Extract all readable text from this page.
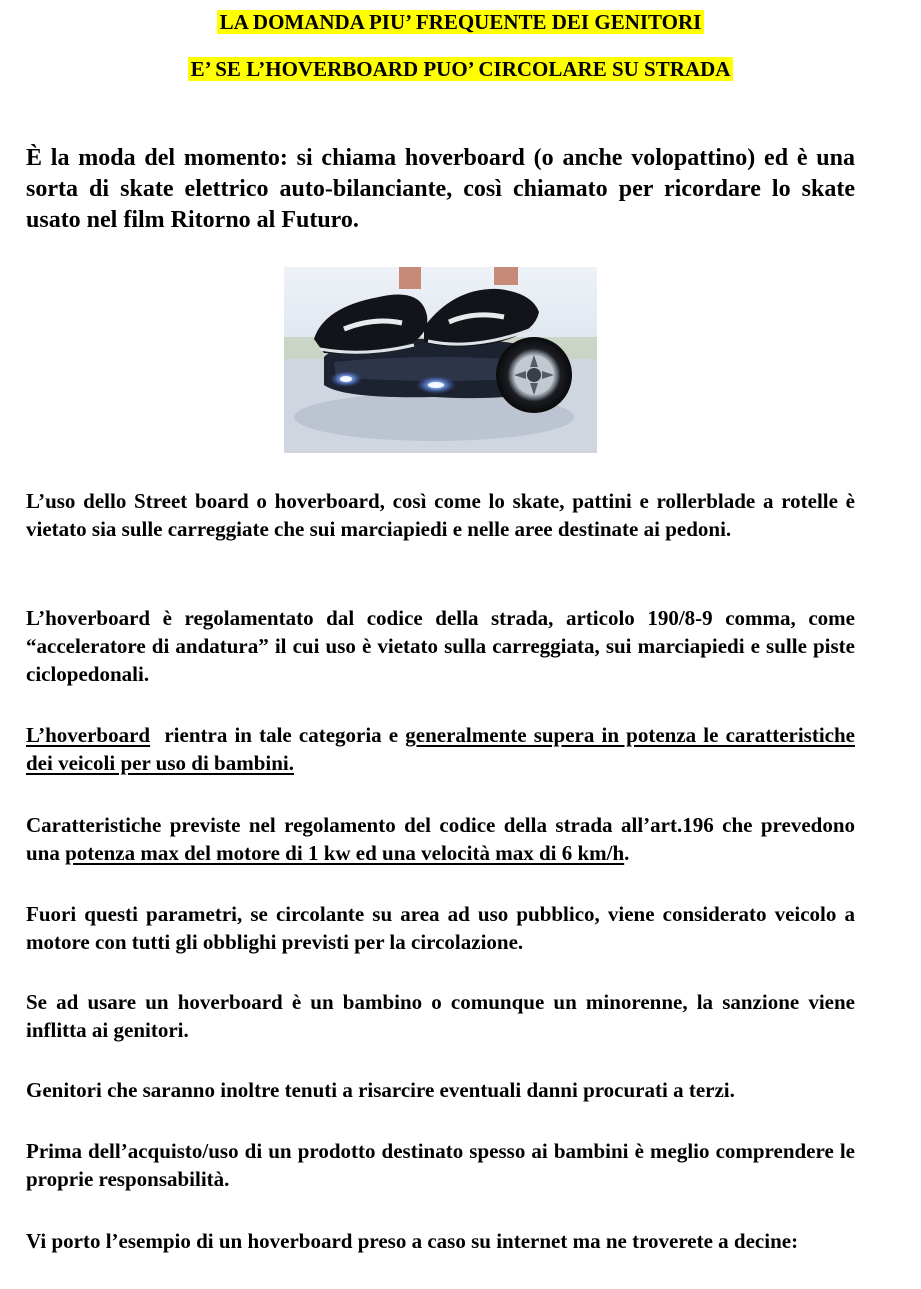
LA DOMANDA PIU’ FREQUENTE DEI GENITORI
E’ SE L’HOVERBOARD PUO’ CIRCOLARE SU STRADA
È la moda del momento: si chiama hoverboard (o anche volopattino) ed è una sorta di skate elettrico auto-bilanciante, così chiamato per ricordare lo skate usato nel film Ritorno al Futuro.
L’uso dello Street board o hoverboard, così come lo skate, pattini e rollerblade a rotelle è vietato sia sulle carreggiate che sui marciapiedi e nelle aree destinate ai pedoni.
L’hoverboard è regolamentato dal codice della strada, articolo 190/8-9 comma, come “acceleratore di andatura” il cui uso è vietato sulla carreggiata, sui marciapiedi e sulle piste ciclopedonali.
L’hoverboard  rientra in tale categoria e generalmente supera in potenza le caratteristiche dei veicoli per uso di bambini.
Caratteristiche previste nel regolamento del codice della strada all’art.196 che prevedono una potenza max del motore di 1 kw ed una velocità max di 6 km/h.
Fuori questi parametri, se circolante su area ad uso pubblico, viene considerato veicolo a motore con tutti gli obblighi previsti per la circolazione.
Se ad usare un hoverboard è un bambino o comunque un minorenne, la sanzione viene inflitta ai genitori.
Genitori che saranno inoltre tenuti a risarcire eventuali danni procurati a terzi.
Prima dell’acquisto/uso di un prodotto destinato spesso ai bambini è meglio comprendere le proprie responsabilità.
Vi porto l’esempio di un hoverboard preso a caso su internet ma ne troverete a decine:
